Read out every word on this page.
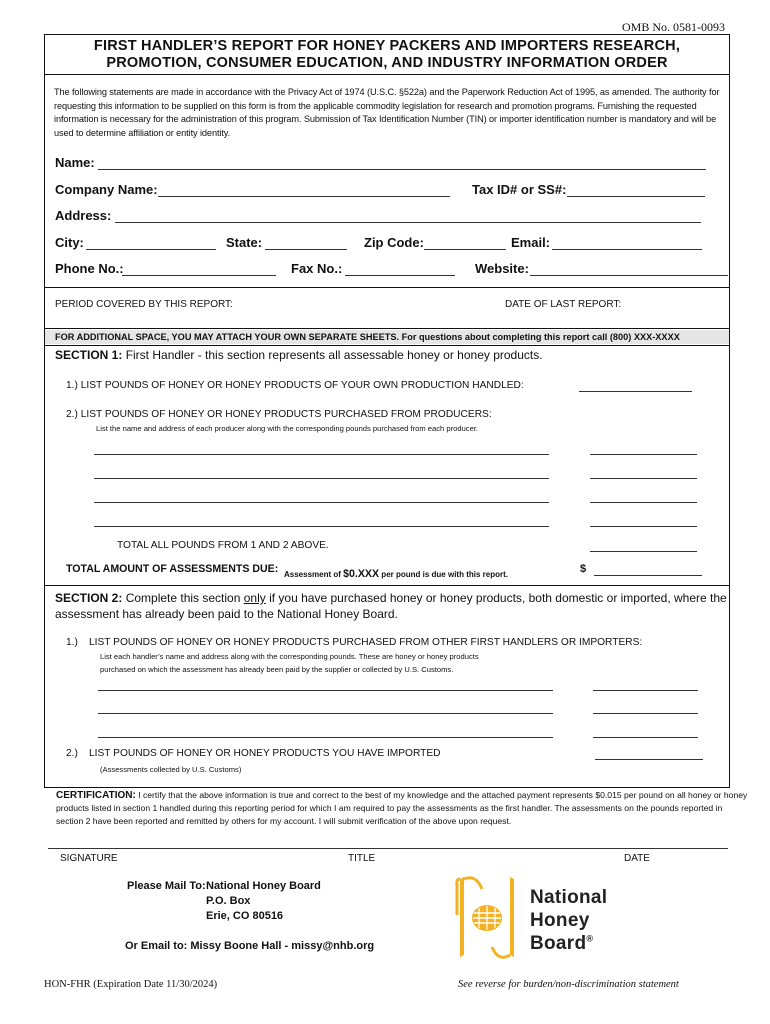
OMB No. 0581-0093
FIRST HANDLER’S REPORT FOR HONEY PACKERS AND IMPORTERS RESEARCH,
PROMOTION, CONSUMER EDUCATION, AND INDUSTRY INFORMATION ORDER
The following statements are made in accordance with the Privacy Act of 1974 (U.S.C. §522a) and the Paperwork Reduction Act of 1995, as amended. The authority for requesting this information to be supplied on this form is from the applicable commodity legislation for research and promotion programs. Furnishing the requested information is necessary for the administration of this program. Submission of Tax Identification Number (TIN) or importer identification number is mandatory and will be used to determine affiliation or entity identity.
Name:
Company Name:	Tax ID# or SS#:
Address:
City:	State:	Zip Code:	Email:
Phone No.:	Fax No.:	Website:
PERIOD COVERED BY THIS REPORT:	DATE OF LAST REPORT:
FOR ADDITIONAL SPACE, YOU MAY ATTACH YOUR OWN SEPARATE SHEETS. For questions about completing this report call (800) XXX-XXXX
SECTION 1: First Handler - this section represents all assessable honey or honey products.
1.) LIST POUNDS OF HONEY OR HONEY PRODUCTS OF YOUR OWN PRODUCTION HANDLED:
2.) LIST POUNDS OF HONEY OR HONEY PRODUCTS PURCHASED FROM PRODUCERS:
List the name and address of each producer along with the corresponding pounds purchased from each producer.
TOTAL ALL POUNDS FROM 1 AND 2 ABOVE.
TOTAL AMOUNT OF ASSESSMENTS DUE: Assessment of $0.XXX per pound is due with this report.	$
SECTION 2: Complete this section only if you have purchased honey or honey products, both domestic or imported, where the
assessment has already been paid to the National Honey Board.
1.) LIST POUNDS OF HONEY OR HONEY PRODUCTS PURCHASED FROM OTHER FIRST HANDLERS OR IMPORTERS:
List each handler’s name and address along with the corresponding pounds. These are honey or honey products
purchased on which the assessment has already been paid by the supplier or collected by U.S. Customs.
2.) LIST POUNDS OF HONEY OR HONEY PRODUCTS YOU HAVE IMPORTED
(Assessments collected by U.S. Customs)
CERTIFICATION: I certify that the above information is true and correct to the best of my knowledge and the attached payment represents $0.015 per pound on all honey or honey
products listed in section 1 handled during this reporting period for which I am required to pay the assessments as the first handler. The assessments on the pounds reported in
section 2 have been reported and remitted by others for my account. I will submit verification of the above upon request.
SIGNATURE	TITLE	DATE
Please Mail To: National Honey Board
P.O. Box
Erie, CO 80516
Or Email to: Missy Boone Hall - missy@nhb.org
National
Honey
Board®
HON-FHR (Expiration Date 11/30/2024)	See reverse for burden/non-discrimination statement
